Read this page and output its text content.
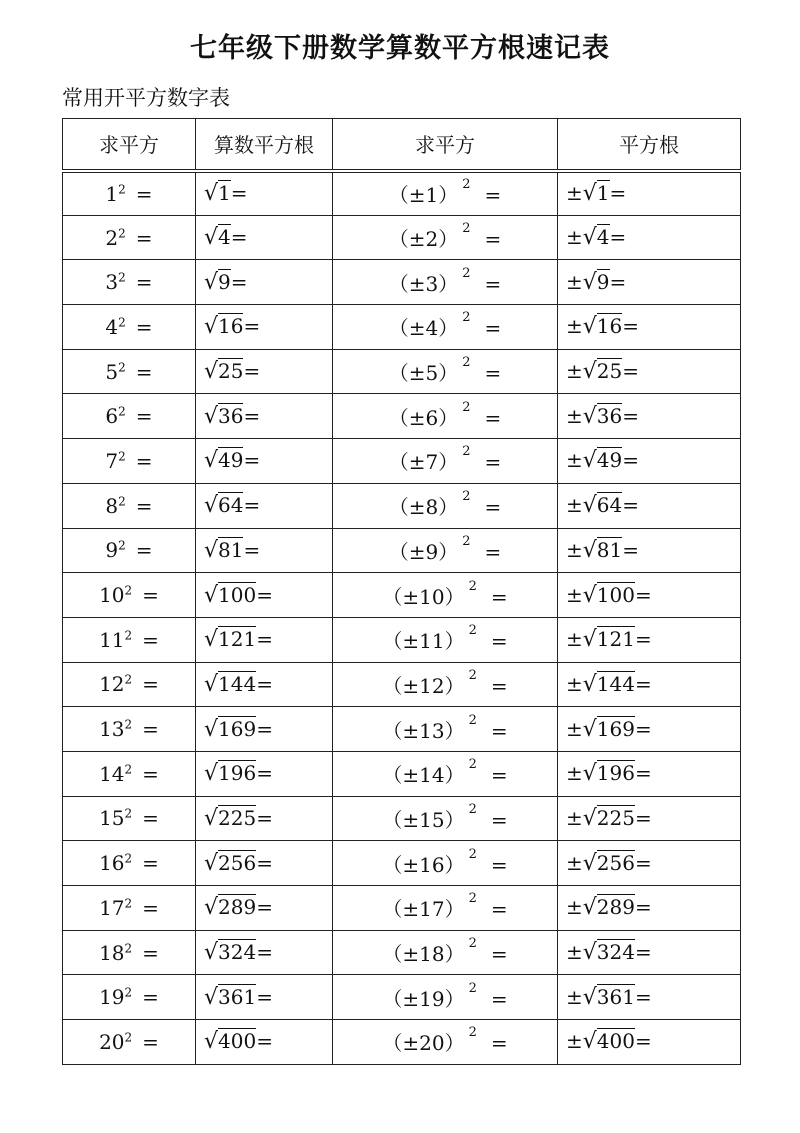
七年级下册数学算数平方根速记表
常用开平方数字表
求平方	算数平方根	求平方	平方根
$1^2$ =	√1=	（±1） $^2$ =	±√1=
$2^2$ =	√4=	（±2） $^2$ =	±√4=
$3^2$ =	√9=	（±3） $^2$ =	±√9=
$4^2$ =	√16=	（±4） $^2$ =	±√16=
$5^2$ =	√25=	（±5） $^2$ =	±√25=
$6^2$ =	√36=	（±6） $^2$ =	±√36=
$7^2$ =	√49=	（±7） $^2$ =	±√49=
$8^2$ =	√64=	（±8） $^2$ =	±√64=
$9^2$ =	√81=	（±9） $^2$ =	±√81=
$10^2$ =	√100=	（±10） $^2$ =	±√100=
$11^2$ =	√121=	（±11） $^2$ =	±√121=
$12^2$ =	√144=	（±12） $^2$ =	±√144=
$13^2$ =	√169=	（±13） $^2$ =	±√169=
$14^2$ =	√196=	（±14） $^2$ =	±√196=
$15^2$ =	√225=	（±15） $^2$ =	±√225=
$16^2$ =	√256=	（±16） $^2$ =	±√256=
$17^2$ =	√289=	（±17） $^2$ =	±√289=
$18^2$ =	√324=	（±18） $^2$ =	±√324=
$19^2$ =	√361=	（±19） $^2$ =	±√361=
$20^2$ =	√400=	（±20） $^2$ =	±√400=
